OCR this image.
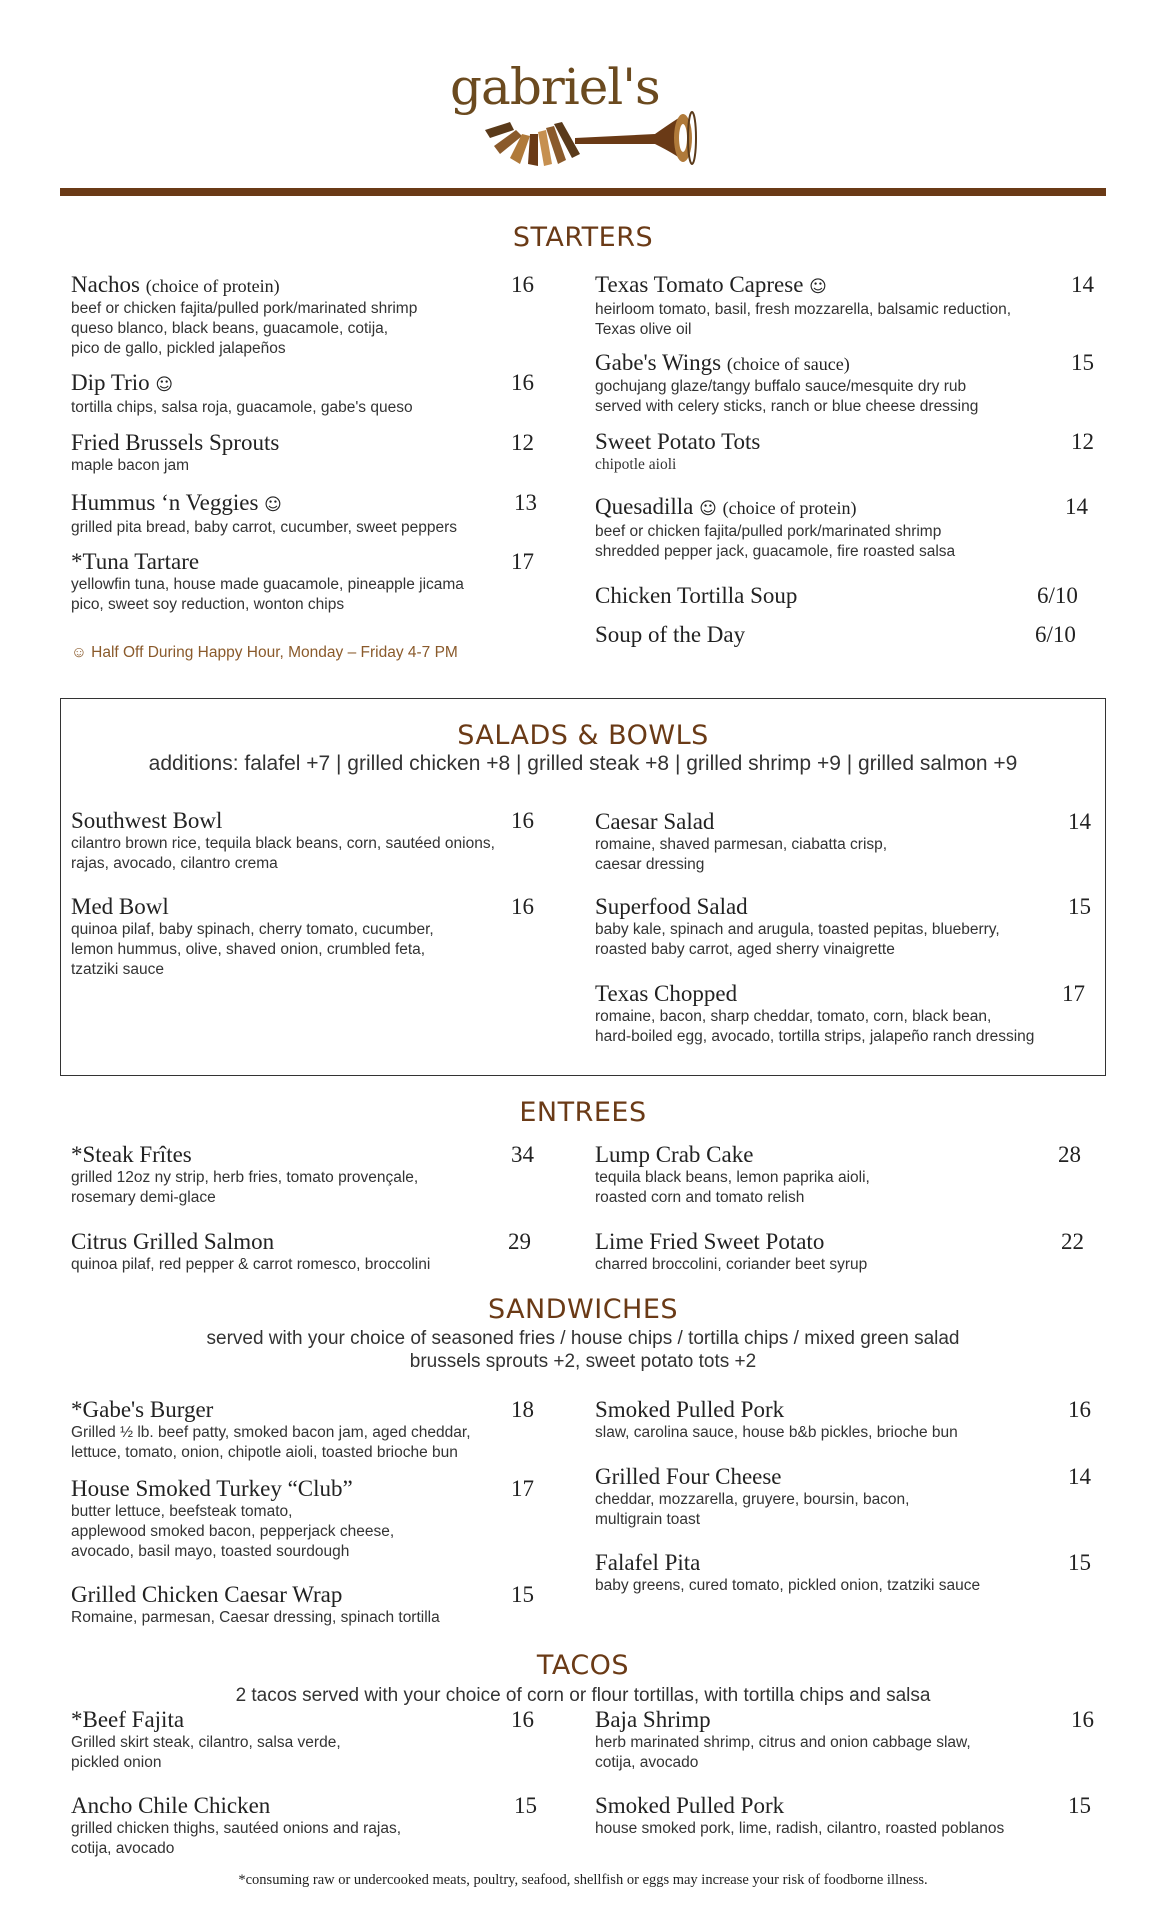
gabriel's
STARTERS
Nachos (choice of protein)	16
beef or chicken fajita/pulled pork/marinated shrimp
queso blanco, black beans, guacamole, cotija,
pico de gallo, pickled jalapeños
Dip Trio ☺	16
tortilla chips, salsa roja, guacamole, gabe's queso
Fried Brussels Sprouts	12
maple bacon jam
Hummus ‘n Veggies ☺	13
grilled pita bread, baby carrot, cucumber, sweet peppers
*Tuna Tartare	17
yellowfin tuna, house made guacamole, pineapple jicama
pico, sweet soy reduction, wonton chips
☺ Half Off During Happy Hour, Monday – Friday 4-7 PM
Texas Tomato Caprese ☺	14
heirloom tomato, basil, fresh mozzarella, balsamic reduction,
Texas olive oil
Gabe's Wings (choice of sauce)	15
gochujang glaze/tangy buffalo sauce/mesquite dry rub
served with celery sticks, ranch or blue cheese dressing
Sweet Potato Tots	12
chipotle aioli
Quesadilla ☺ (choice of protein)	14
beef or chicken fajita/pulled pork/marinated shrimp
shredded pepper jack, guacamole, fire roasted salsa
Chicken Tortilla Soup	6/10
Soup of the Day	6/10
SALADS & BOWLS
additions: falafel +7 | grilled chicken +8 | grilled steak +8 | grilled shrimp +9 | grilled salmon +9
Southwest Bowl	16
cilantro brown rice, tequila black beans, corn, sautéed onions,
rajas, avocado, cilantro crema
Med Bowl	16
quinoa pilaf, baby spinach, cherry tomato, cucumber,
lemon hummus, olive, shaved onion, crumbled feta,
tzatziki sauce
Caesar Salad	14
romaine, shaved parmesan, ciabatta crisp,
caesar dressing
Superfood Salad	15
baby kale, spinach and arugula, toasted pepitas, blueberry,
roasted baby carrot, aged sherry vinaigrette
Texas Chopped	17
romaine, bacon, sharp cheddar, tomato, corn, black bean,
hard-boiled egg, avocado, tortilla strips, jalapeño ranch dressing
ENTREES
*Steak Frîtes	34
grilled 12oz ny strip, herb fries, tomato provençale,
rosemary demi-glace
Citrus Grilled Salmon	29
quinoa pilaf, red pepper & carrot romesco, broccolini
Lump Crab Cake	28
tequila black beans, lemon paprika aioli,
roasted corn and tomato relish
Lime Fried Sweet Potato	22
charred broccolini, coriander beet syrup
SANDWICHES
served with your choice of seasoned fries / house chips / tortilla chips / mixed green salad
brussels sprouts +2, sweet potato tots +2
*Gabe's Burger	18
Grilled ½ lb. beef patty, smoked bacon jam, aged cheddar,
lettuce, tomato, onion, chipotle aioli, toasted brioche bun
House Smoked Turkey “Club”	17
butter lettuce, beefsteak tomato,
applewood smoked bacon, pepperjack cheese,
avocado, basil mayo, toasted sourdough
Grilled Chicken Caesar Wrap	15
Romaine, parmesan, Caesar dressing, spinach tortilla
Smoked Pulled Pork	16
slaw, carolina sauce, house b&b pickles, brioche bun
Grilled Four Cheese	14
cheddar, mozzarella, gruyere, boursin, bacon,
multigrain toast
Falafel Pita	15
baby greens, cured tomato, pickled onion, tzatziki sauce
TACOS
2 tacos served with your choice of corn or flour tortillas, with tortilla chips and salsa
*Beef Fajita	16
Grilled skirt steak, cilantro, salsa verde,
pickled onion
Ancho Chile Chicken	15
grilled chicken thighs, sautéed onions and rajas,
cotija, avocado
Baja Shrimp	16
herb marinated shrimp, citrus and onion cabbage slaw,
cotija, avocado
Smoked Pulled Pork	15
house smoked pork, lime, radish, cilantro, roasted poblanos
*consuming raw or undercooked meats, poultry, seafood, shellfish or eggs may increase your risk of foodborne illness.
